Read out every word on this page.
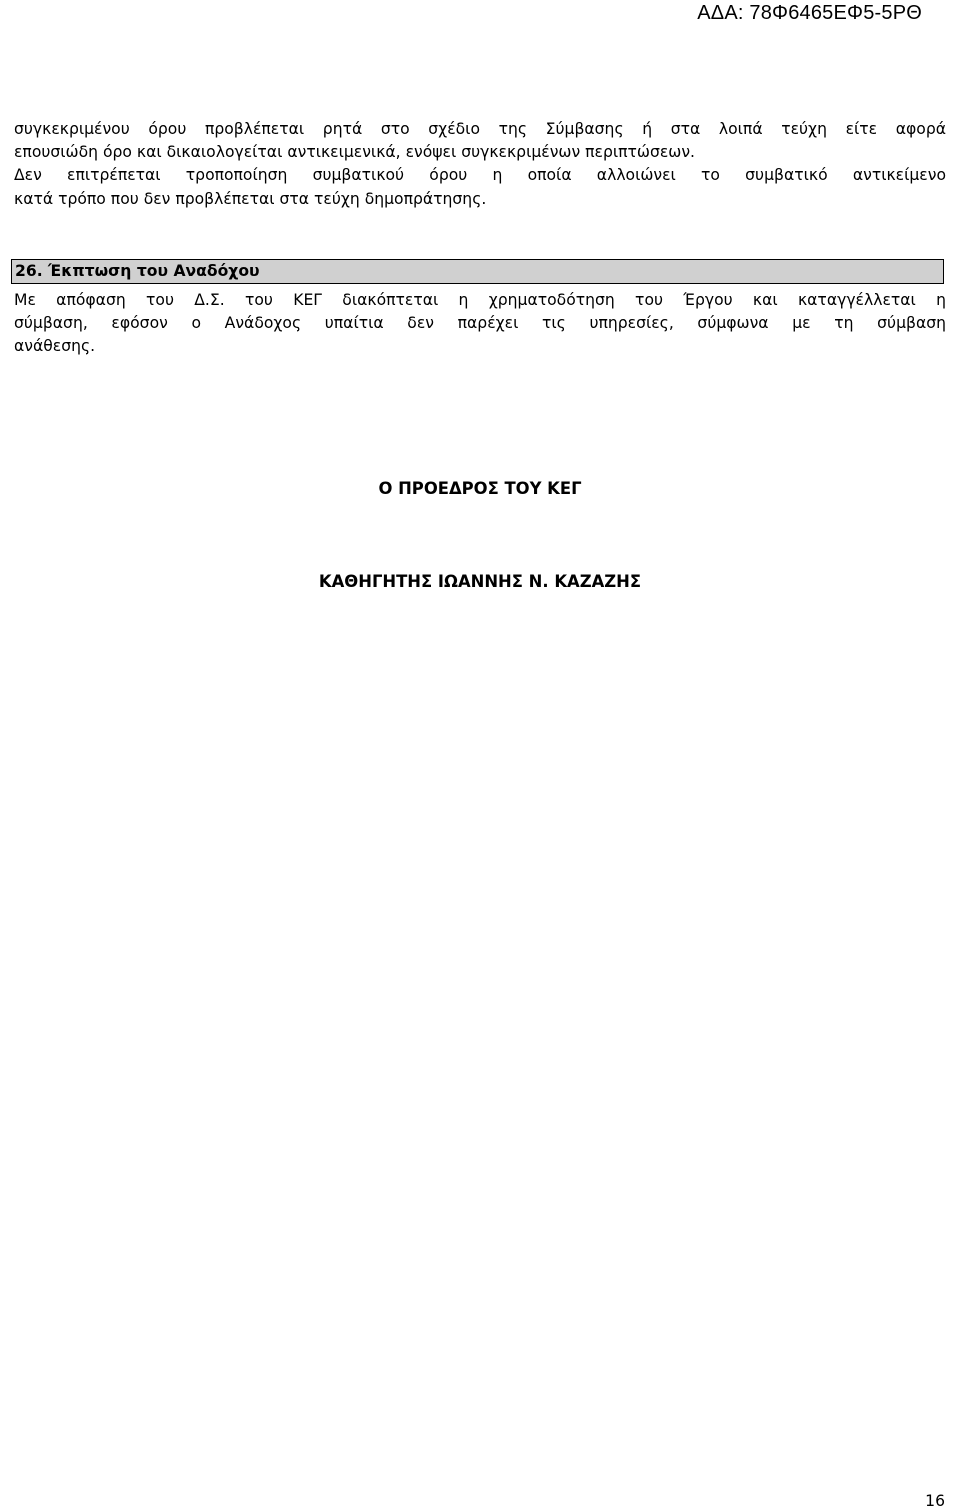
ΑΔΑ: 78Φ6465ΕΦ5-5ΡΘ
συγκεκριμένου όρου προβλέπεται ρητά στο σχέδιο της Σύμβασης ή στα λοιπά τεύχη είτε αφορά
επουσιώδη όρο και δικαιολογείται αντικειμενικά, ενόψει συγκεκριμένων περιπτώσεων.
Δεν επιτρέπεται τροποποίηση συμβατικού όρου η οποία αλλοιώνει το συμβατικό αντικείμενο
κατά τρόπο που δεν προβλέπεται στα τεύχη δημοπράτησης.
26. Έκπτωση του Αναδόχου
Με απόφαση του Δ.Σ. του ΚΕΓ διακόπτεται η χρηματοδότηση του Έργου και καταγγέλλεται η
σύμβαση, εφόσον ο Ανάδοχος υπαίτια δεν παρέχει τις υπηρεσίες, σύμφωνα με τη σύμβαση
ανάθεσης.
Ο ΠΡΟΕΔΡΟΣ ΤΟΥ ΚΕΓ
ΚΑΘΗΓΗΤΗΣ ΙΩΑΝΝΗΣ Ν. ΚΑΖΑΖΗΣ
16
